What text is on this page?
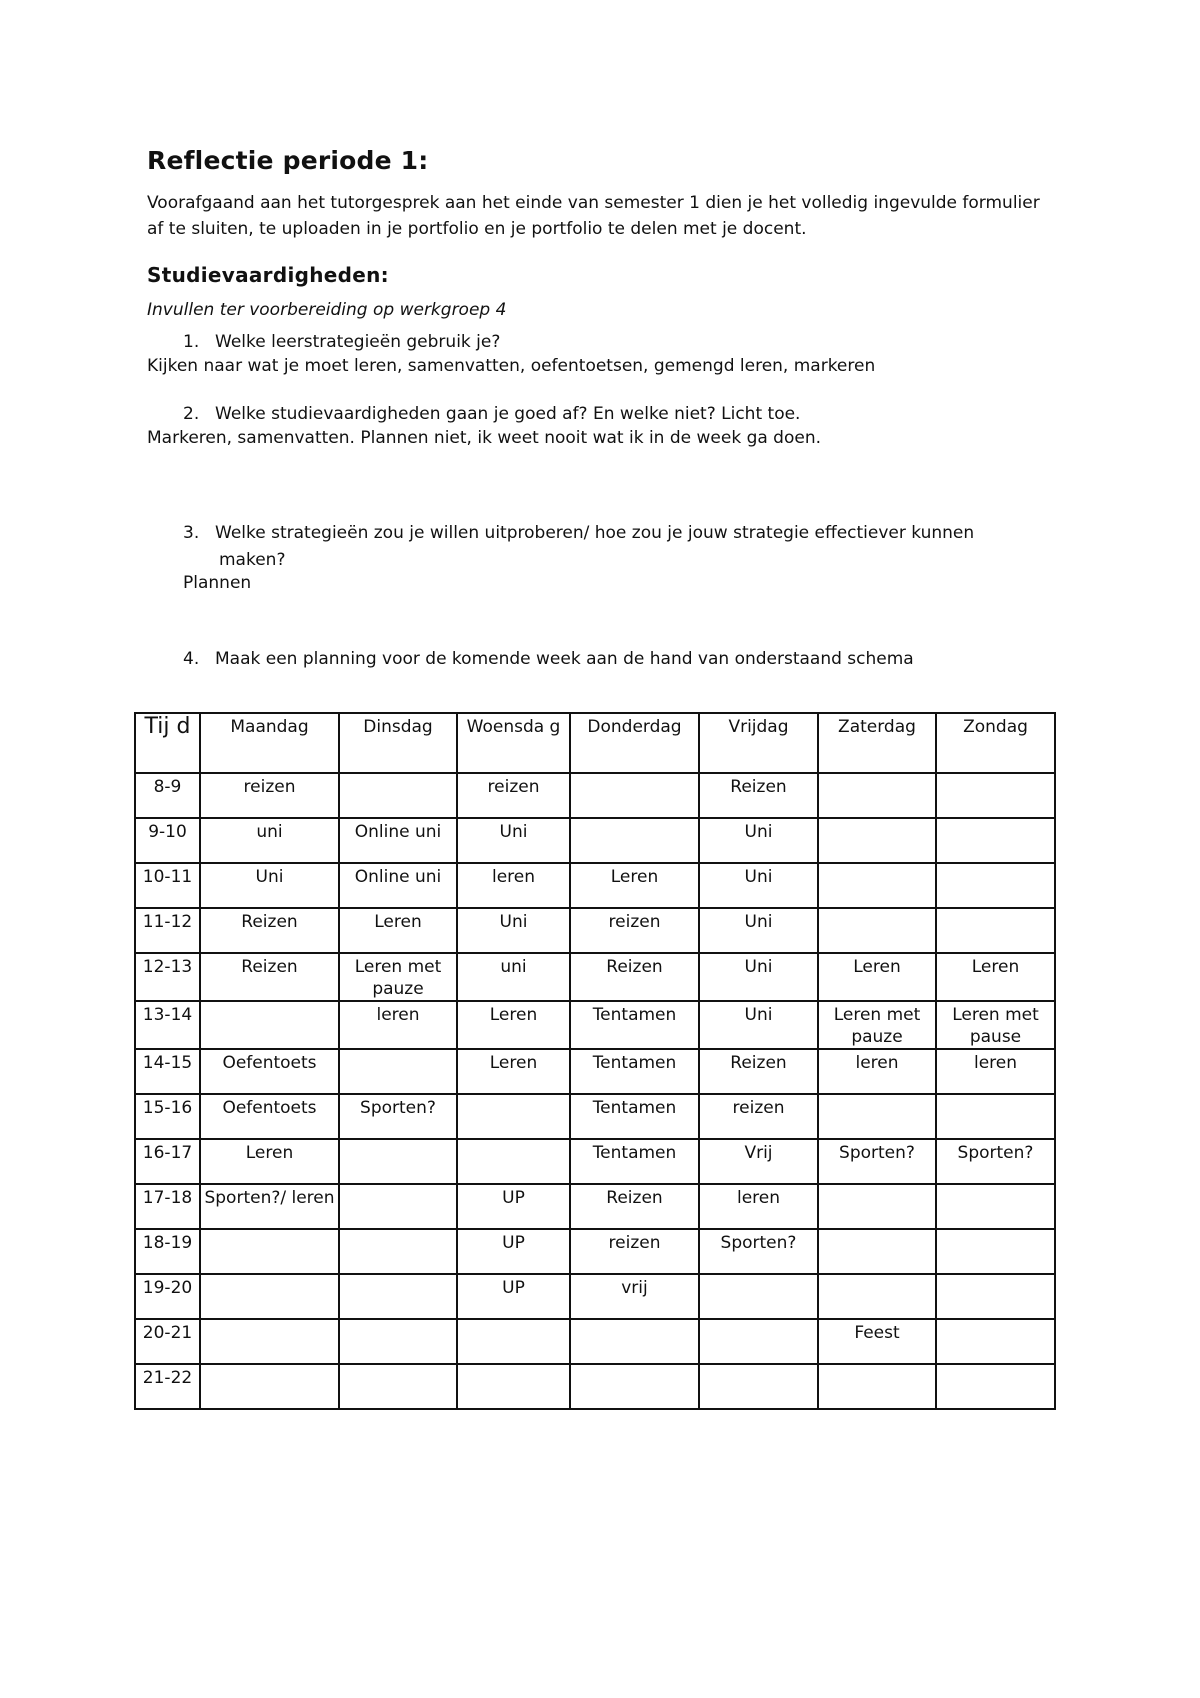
Reflectie periode 1:

Voorafgaand aan het tutorgesprek aan het einde van semester 1 dien je het volledig ingevulde formulier af te sluiten, te uploaden in je portfolio en je portfolio te delen met je docent.

Studievaardigheden:

Invullen ter voorbereiding op werkgroep 4

1. Welke leerstrategieën gebruik je?

Kijken naar wat je moet leren, samenvatten, oefentoetsen, gemengd leren, markeren

2. Welke studievaardigheden gaan je goed af? En welke niet? Licht toe.

Markeren, samenvatten. Plannen niet, ik weet nooit wat ik in de week ga doen.

3. Welke strategieën zou je willen uitproberen/ hoe zou je jouw strategie effectiever kunnen

maken?

Plannen

4. Maak een planning voor de komende week aan de hand van onderstaand schema

Tij d	Maandag	Dinsdag	Woensda g	Donderdag	Vrijdag	Zaterdag	Zondag
8-9	reizen		reizen		Reizen		
9-10	uni	Online uni	Uni		Uni		
10-11	Uni	Online uni	leren	Leren	Uni		
11-12	Reizen	Leren	Uni	reizen	Uni		
12-13	Reizen	Leren met pauze	uni	Reizen	Uni	Leren	Leren
13-14		leren	Leren	Tentamen	Uni	Leren met pauze	Leren met pause
14-15	Oefentoets		Leren	Tentamen	Reizen	leren	leren
15-16	Oefentoets	Sporten?		Tentamen	reizen		
16-17	Leren			Tentamen	Vrij	Sporten?	Sporten?
17-18	Sporten?/ leren		UP	Reizen	leren		
18-19			UP	reizen	Sporten?		
19-20			UP	vrij			
20-21						Feest	
21-22							
